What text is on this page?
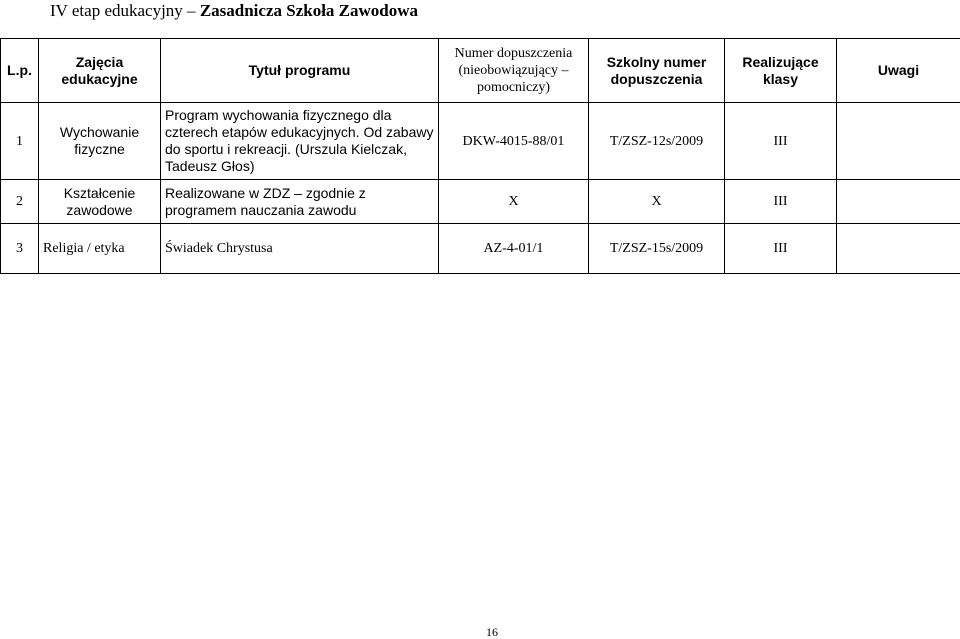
IV etap edukacyjny – Zasadnicza Szkoła Zawodowa
L.p.	Zajęcia edukacyjne	Tytuł programu	Numer dopuszczenia (nieobowiązujący – pomocniczy)	Szkolny numer dopuszczenia	Realizujące klasy	Uwagi
1	Wychowanie fizyczne	Program wychowania fizycznego dla czterech etapów edukacyjnych. Od zabawy do sportu i rekreacji. (Urszula Kielczak, Tadeusz Głos)	DKW-4015-88/01	T/ZSZ-12s/2009	III	
2	Kształcenie zawodowe	Realizowane w ZDZ – zgodnie z programem nauczania zawodu	X	X	III	
3	Religia / etyka	Świadek Chrystusa	AZ-4-01/1	T/ZSZ-15s/2009	III	
16
